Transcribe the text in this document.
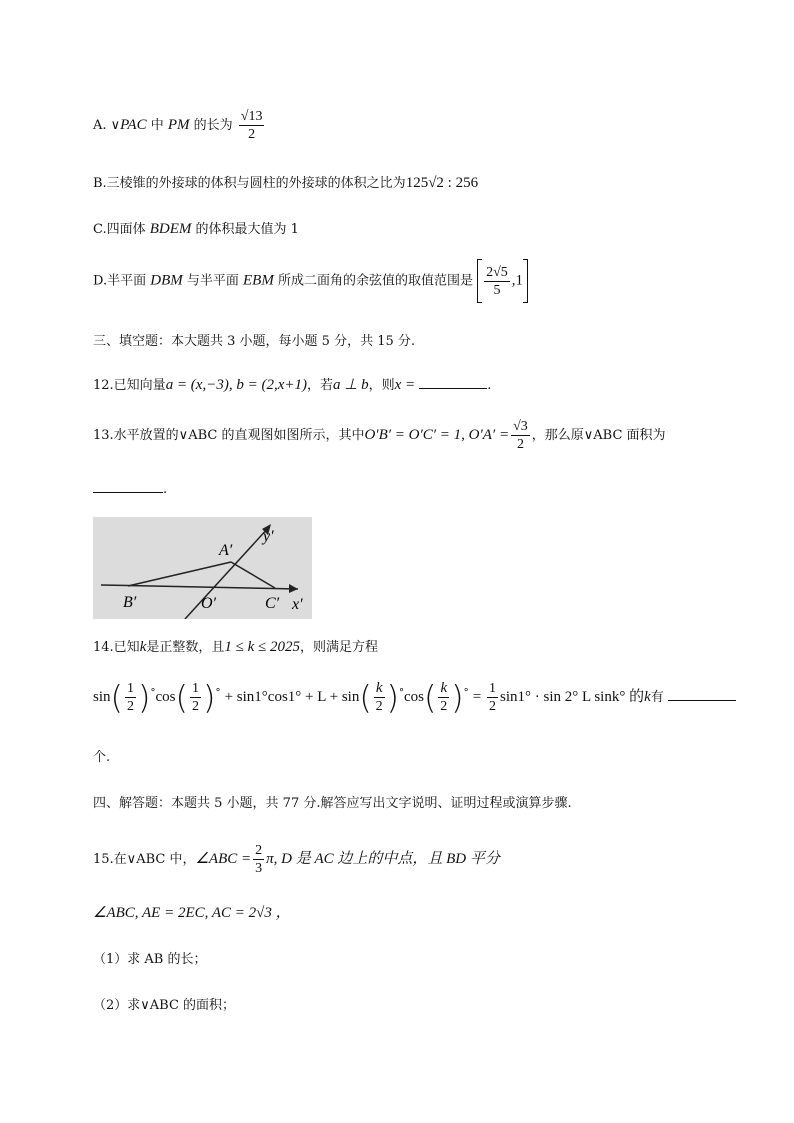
A. ∨PAC 中 PM 的长为 $\frac{√13}{2}$
B.三棱锥的外接球的体积与圆柱的外接球的体积之比为125√2 : 256
C.四面体 BDEM 的体积最大值为 1
D.半平面 DBM 与半平面 EBM 所成二面角的余弦值的取值范围是 $\frac{2√5}{5} ,1$
三、填空题：本大题共 3 小题，每小题 5 分，共 15 分.
12.已知向量a = (x,−3), b = (2,x+1)，若a ⊥ b，则x =	.
13.水平放置的∨ABC 的直观图如图所示，其中O′B′ = O′C′ = 1, $O'A' = \frac{√3}{2}$ ，那么原∨ABC 面积为
.
A′
B′	O′	C′ x′
y′
14.已知k是正整数，且1 ≤ k ≤ 2025，则满足方程
$\sin( \frac{1}{2} )^\circ\cos( \frac{1}{2} )^\circ + \sin 1^\circ\cos 1^\circ + L + \sin( \frac{k}{2} )^\circ\cos( \frac{k}{2} )^\circ = \frac{1}{2} \sin 1^\circ \cdot \sin 2^\circ$ L sink° 的k有
个.
四、解答题：本题共 5 小题，共 77 分.解答应写出文字说明、证明过程或演算步骤.
15.在∨ABC 中，∠ABC = $\frac{2}{3} \pi$, D 是 AC 边上的中点，且 BD 平分
∠ABC, AE = 2EC, AC = 2√3 ，
（1）求 AB 的长；
（2）求∨ABC 的面积；
